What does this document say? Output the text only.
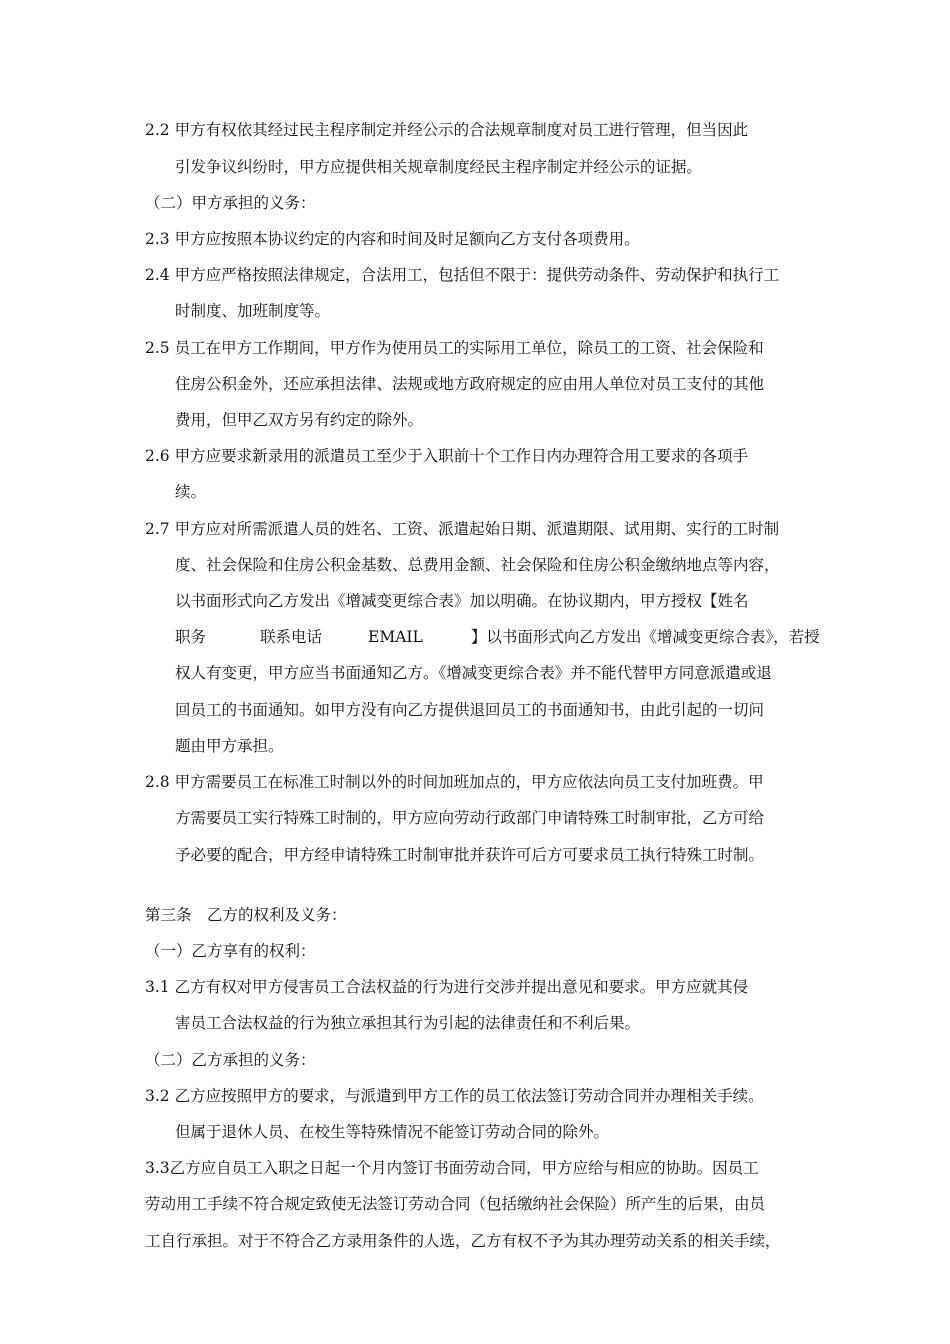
2.2 甲方有权依其经过民主程序制定并经公示的合法规章制度对员工进行管理，但当因此
引发争议纠纷时，甲方应提供相关规章制度经民主程序制定并经公示的证据。
（二）甲方承担的义务：
2.3 甲方应按照本协议约定的内容和时间及时足额向乙方支付各项费用。
2.4 甲方应严格按照法律规定，合法用工，包括但不限于：提供劳动条件、劳动保护和执行工
时制度、加班制度等。
2.5 员工在甲方工作期间，甲方作为使用员工的实际用工单位，除员工的工资、社会保险和
住房公积金外，还应承担法律、法规或地方政府规定的应由用人单位对员工支付的其他
费用，但甲乙双方另有约定的除外。
2.6 甲方应要求新录用的派遣员工至少于入职前十个工作日内办理符合用工要求的各项手
续。
2.7 甲方应对所需派遣人员的姓名、工资、派遣起始日期、派遣期限、试用期、实行的工时制
度、社会保险和住房公积金基数、总费用金额、社会保险和住房公积金缴纳地点等内容，
以书面形式向乙方发出《增减变更综合表》加以明确。在协议期内，甲方授权【姓名
职务	联系电话	EMAIL	】以书面形式向乙方发出《增减变更综合表》，若授
权人有变更，甲方应当书面通知乙方。《增减变更综合表》并不能代替甲方同意派遣或退
回员工的书面通知。如甲方没有向乙方提供退回员工的书面通知书，由此引起的一切问
题由甲方承担。
2.8 甲方需要员工在标准工时制以外的时间加班加点的，甲方应依法向员工支付加班费。甲
方需要员工实行特殊工时制的，甲方应向劳动行政部门申请特殊工时制审批，乙方可给
予必要的配合，甲方经申请特殊工时制审批并获许可后方可要求员工执行特殊工时制。
第三条　乙方的权利及义务：
（一）乙方享有的权利：
3.1 乙方有权对甲方侵害员工合法权益的行为进行交涉并提出意见和要求。甲方应就其侵
害员工合法权益的行为独立承担其行为引起的法律责任和不利后果。
（二）乙方承担的义务：
3.2 乙方应按照甲方的要求，与派遣到甲方工作的员工依法签订劳动合同并办理相关手续。
但属于退休人员、在校生等特殊情况不能签订劳动合同的除外。
3.3乙方应自员工入职之日起一个月内签订书面劳动合同，甲方应给与相应的协助。因员工
劳动用工手续不符合规定致使无法签订劳动合同（包括缴纳社会保险）所产生的后果，由员
工自行承担。对于不符合乙方录用条件的人选，乙方有权不予为其办理劳动关系的相关手续，
